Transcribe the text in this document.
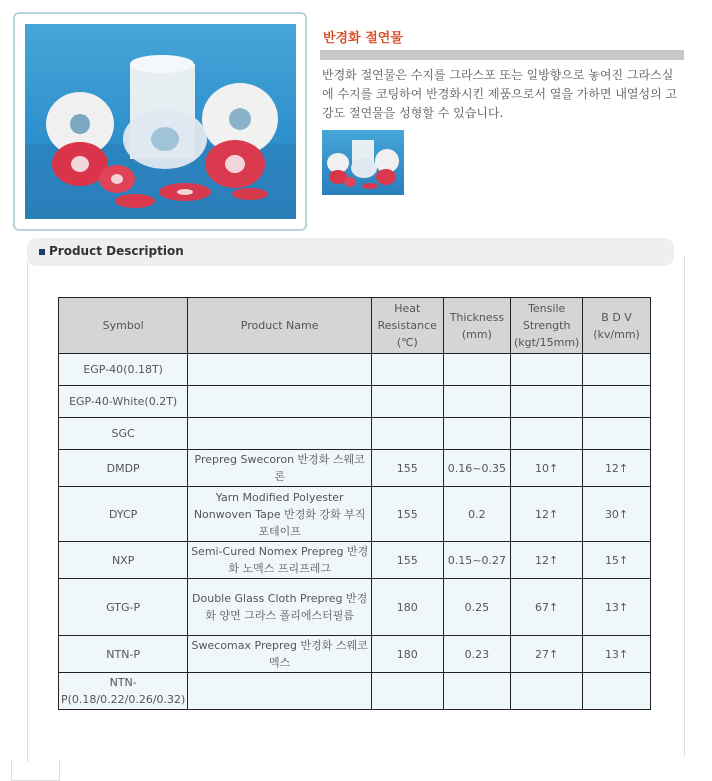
반경화 절연물
반경화 절연물은 수지를 그라스포 또는 일방향으로 놓여진 그라스실에 수지를 코팅하여 반경화시킨 제품으로서 열을 가하면 내열성의 고강도 절연물을 성형할 수 있습니다.
Product Description
Symbol	Product Name	Heat Resistance (℃)	Thickness (mm)	Tensile Strength (kgt/15mm)	B D V (kv/mm)
EGP-40(0.18T)					
EGP-40-White(0.2T)					
SGC					
DMDP	Prepreg Swecoron 반경화 스웨코론	155	0.16~0.35	10↑	12↑
DYCP	Yarn Modified Polyester Nonwoven Tape 반경화 강화 부직포테이프	155	0.2	12↑	30↑
NXP	Semi-Cured Nomex Prepreg 반경화 노멕스 프리프레그	155	0.15~0.27	12↑	15↑
GTG-P	Double Glass Cloth Prepreg 반경화 양면 그라스 폴리에스터필름	180	0.25	67↑	13↑
NTN-P	Swecomax Prepreg 반경화 스웨코멕스	180	0.23	27↑	13↑
NTN-P(0.18/0.22/0.26/0.32)					
